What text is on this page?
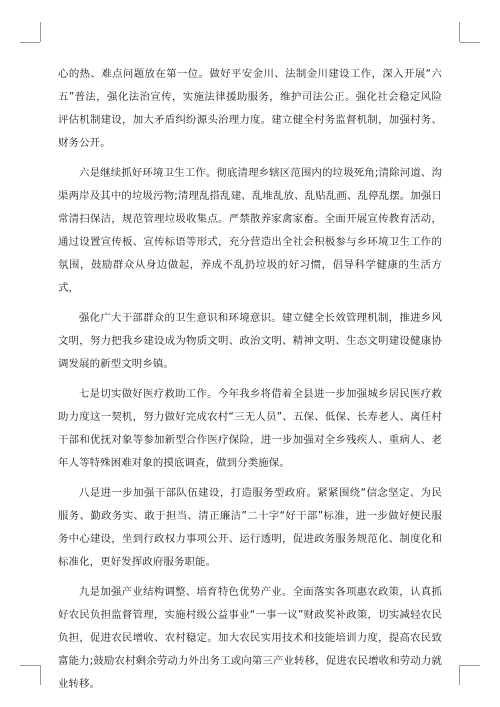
心的热、难点问题放在第一位。做好平安金川、法制金川建设工作，深入开展“六五”普法，强化法治宣传，实施法律援助服务，维护司法公正。强化社会稳定风险评估机制建设，加大矛盾纠纷源头治理力度。建立健全村务监督机制，加强村务、财务公开。

六是继续抓好环境卫生工作。彻底清理乡辖区范围内的垃圾死角;清除河道、沟渠两岸及其中的垃圾污物;清理乱搭乱建、乱堆乱放、乱贴乱画、乱停乱摆。加强日常清扫保洁，规范管理垃圾收集点。严禁散养家禽家畜。全面开展宣传教育活动，通过设置宣传板、宣传标语等形式，充分营造出全社会积极参与乡环境卫生工作的氛围，鼓励群众从身边做起，养成不乱扔垃圾的好习惯，倡导科学健康的生活方式，

强化广大干部群众的卫生意识和环境意识。建立健全长效管理机制，推进乡风文明，努力把我乡建设成为物质文明、政治文明、精神文明、生态文明建设健康协调发展的新型文明乡镇。

七是切实做好医疗救助工作。今年我乡将借着全县进一步加强城乡居民医疗救助力度这一契机，努力做好完成农村“三无人员”、五保、低保、长寿老人、离任村干部和优抚对象等参加新型合作医疗保险，进一步加强对全乡残疾人、重病人、老年人等特殊困难对象的摸底调查，做到分类施保。

八是进一步加强干部队伍建设，打造服务型政府。紧紧围绕“信念坚定、为民服务、勤政务实、敢于担当、清正廉洁”二十字“好干部”标准，进一步做好便民服务中心建设，坐到行政权力事项公开、运行透明，促进政务服务规范化、制度化和标准化，更好发挥政府服务职能。

九是加强产业结构调整、培育特色优势产业。全面落实各项惠农政策，认真抓好农民负担监督管理，实施村级公益事业“一事一议”财政奖补政策，切实减轻农民负担，促进农民增收、农村稳定。加大农民实用技术和技能培训力度，提高农民致富能力;鼓励农村剩余劳动力外出务工或向第三产业转移，促进农民增收和劳动力就业转移。
